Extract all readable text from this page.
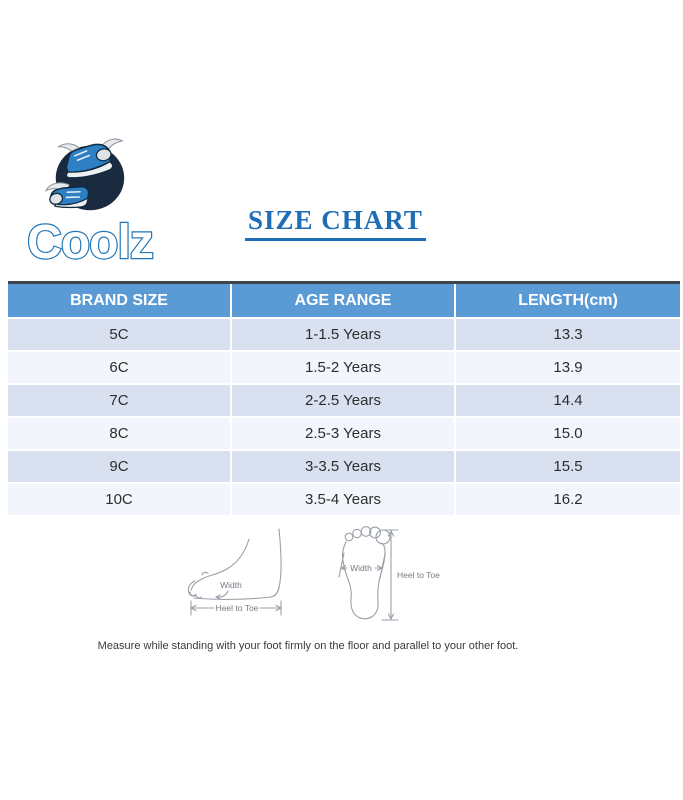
Coolz	SIZE CHART
BRAND SIZE	AGE RANGE	LENGTH(cm)
5C	1-1.5 Years	13.3
6C	1.5-2 Years	13.9
7C	2-2.5 Years	14.4
8C	2.5-3 Years	15.0
9C	3-3.5 Years	15.5
10C	3.5-4 Years	16.2
Width
Heel to Toe
Width
Heel to Toe
Measure while standing with your foot firmly on the floor and parallel to your other foot.
